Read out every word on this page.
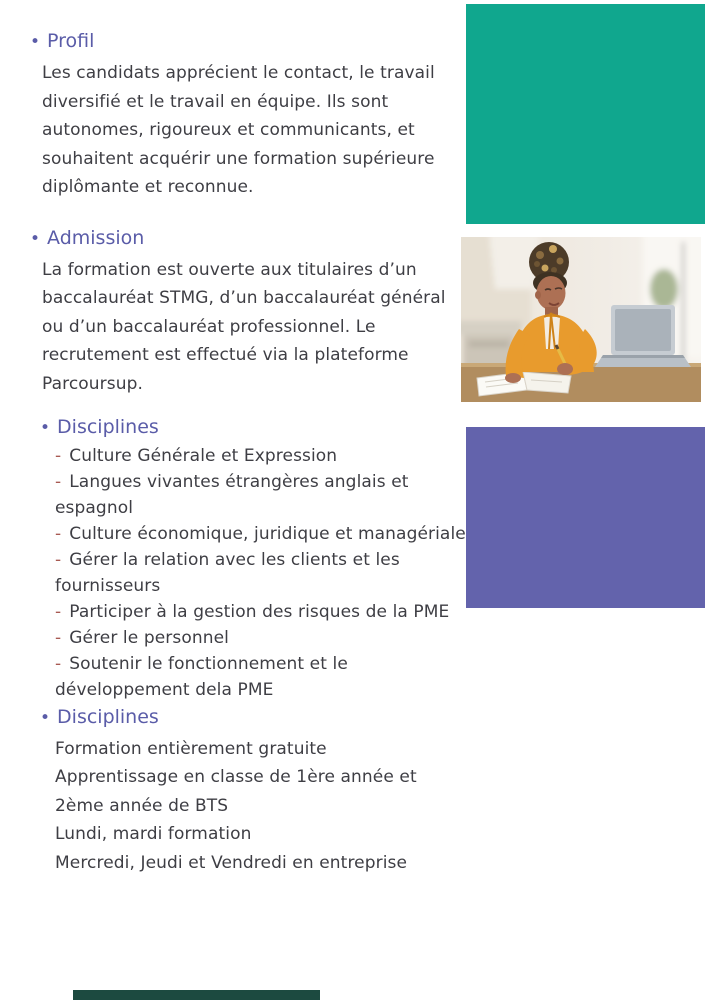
• Profil

Les candidats apprécient le contact, le travail diversifié et le travail en équipe. Ils sont autonomes, rigoureux et communicants, et souhaitent acquérir une formation supérieure diplômante et reconnue.

• Admission

La formation est ouverte aux titulaires d’un baccalauréat STMG, d’un baccalauréat général ou d’un baccalauréat professionnel. Le recrutement est effectué via la plateforme Parcoursup.

• Disciplines
- Culture Générale et Expression
- Langues vivantes étrangères anglais et espagnol
- Culture économique, juridique et managériale
- Gérer la relation avec les clients et les fournisseurs
- Participer à la gestion des risques de la PME
- Gérer le personnel
- Soutenir le fonctionnement et le développement dela PME
• Disciplines
Formation entièrement gratuite
Apprentissage en classe de 1ère année et 2ème année de BTS
Lundi, mardi formation
Mercredi, Jeudi et Vendredi en entreprise
